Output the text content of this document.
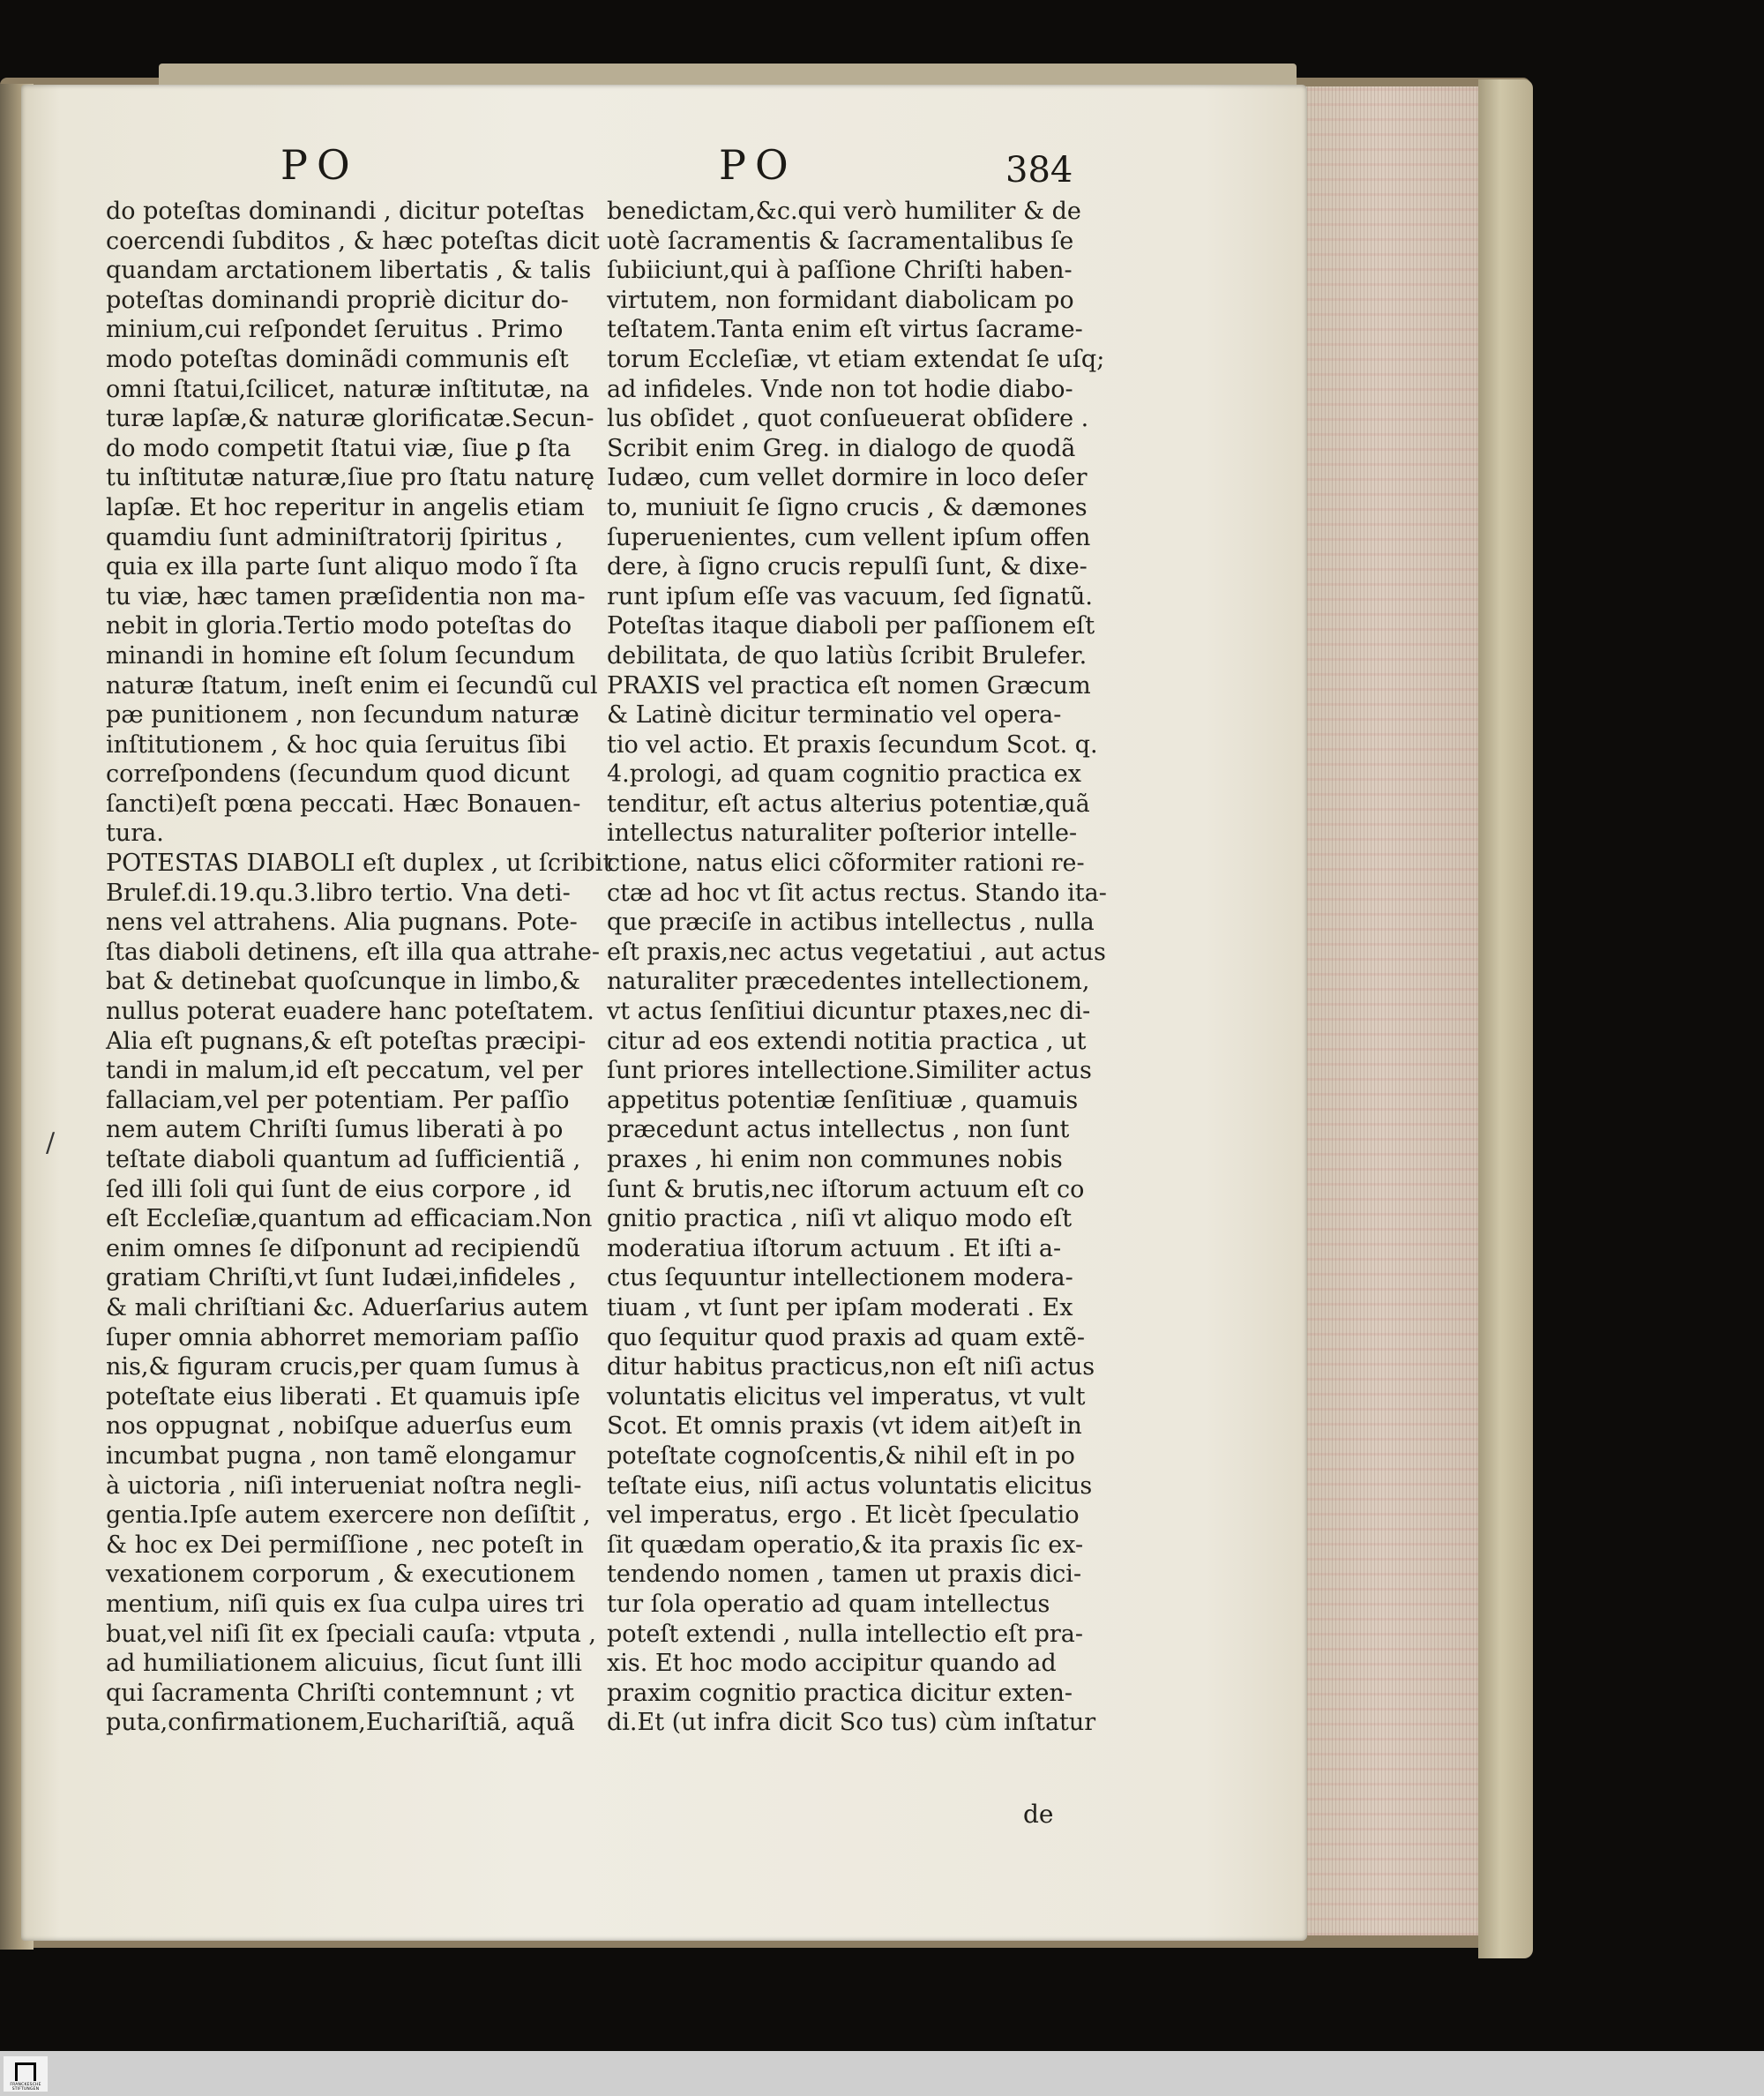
PO	PO	384
do poteſtas dominandi , dicitur poteſtas
coercendi ſubditos , & hæc poteſtas dicit
quandam arctationem libertatis , & talis
poteſtas dominandi propriè dicitur do-
minium,cui reſpondet ſeruitus . Primo
modo poteſtas dominãdi communis eſt
omni ſtatui,ſcilicet, naturæ inſtitutæ, na
turæ lapſæ,& naturæ glorificatæ.Secun-
do modo competit ſtatui viæ, ſiue ꝑ ſta
tu inſtitutæ naturæ,ſiue pro ſtatu naturę
lapſæ. Et hoc reperitur in angelis etiam
quamdiu ſunt adminiſtratorij ſpiritus ,
quia ex illa parte ſunt aliquo modo ĩ ſta
tu viæ, hæc tamen præſidentia non ma-
nebit in gloria.Tertio modo poteſtas do
minandi in homine eſt ſolum ſecundum
naturæ ſtatum, ineſt enim ei ſecundũ cul
pæ punitionem , non ſecundum naturæ
inſtitutionem , & hoc quia ſeruitus ſibi
correſpondens (ſecundum quod dicunt
ſancti)eſt pœna peccati. Hæc Bonauen-
tura.
POTESTAS DIABOLI eſt duplex , ut ſcribit
Brulef.di.19.qu.3.libro tertio. Vna deti-
nens vel attrahens. Alia pugnans. Pote-
ſtas diaboli detinens, eſt illa qua attrahe-
bat & detinebat quoſcunque in limbo,&
nullus poterat euadere hanc poteſtatem.
Alia eſt pugnans,& eſt poteſtas præcipi-
tandi in malum,id eſt peccatum, vel per
fallaciam,vel per potentiam. Per paſſio
nem autem Chriſti ſumus liberati à po
teſtate diaboli quantum ad ſufficientiã ,
ſed illi ſoli qui ſunt de eius corpore , id
eſt Eccleſiæ,quantum ad efficaciam.Non
enim omnes ſe diſponunt ad recipiendũ
gratiam Chriſti,vt ſunt Iudæi,infideles ,
& mali chriſtiani &c. Aduerſarius autem
ſuper omnia abhorret memoriam paſſio
nis,& figuram crucis,per quam ſumus à
poteſtate eius liberati . Et quamuis ipſe
nos oppugnat , nobiſque aduerſus eum
incumbat pugna , non tamẽ elongamur
à uictoria , niſi interueniat noſtra negli-
gentia.Ipſe autem exercere non deſiſtit ,
& hoc ex Dei permiſſione , nec poteſt in
vexationem corporum , & executionem
mentium, niſi quis ex ſua culpa uires tri
buat,vel niſi ſit ex ſpeciali cauſa: vtputa ,
ad humiliationem alicuius, ſicut ſunt illi
qui ſacramenta Chriſti contemnunt ; vt
puta,confirmationem,Euchariſtiã, aquã
benedictam,&c.qui verò humiliter & de
uotè ſacramentis & ſacramentalibus ſe
ſubiiciunt,qui à paſſione Chriſti haben-
virtutem, non formidant diabolicam po
teſtatem.Tanta enim eſt virtus ſacrame-
torum Eccleſiæ, vt etiam extendat ſe uſq;
ad infideles. Vnde non tot hodie diabo-
lus obſidet , quot conſueuerat obſidere .
Scribit enim Greg. in dialogo de quodã
Iudæo, cum vellet dormire in loco deſer
to, muniuit ſe ſigno crucis , & dæmones
ſuperuenientes, cum vellent ipſum offen
dere, à ſigno crucis repulſi ſunt, & dixe-
runt ipſum eſſe vas vacuum, ſed ſignatũ.
Poteſtas itaque diaboli per paſſionem eſt
debilitata, de quo latiùs ſcribit Brulefer.
PRAXIS vel practica eſt nomen Græcum
& Latinè dicitur terminatio vel opera-
tio vel actio. Et praxis ſecundum Scot. q.
4.prologi, ad quam cognitio practica ex
tenditur, eſt actus alterius potentiæ,quã
intellectus naturaliter poſterior intelle-
ctione, natus elici cõformiter rationi re-
ctæ ad hoc vt ſit actus rectus. Stando ita-
que præciſe in actibus intellectus , nulla
eſt praxis,nec actus vegetatiui , aut actus
naturaliter præcedentes intellectionem,
vt actus ſenſitiui dicuntur ptaxes,nec di-
citur ad eos extendi notitia practica , ut
ſunt priores intellectione.Similiter actus
appetitus potentiæ ſenſitiuæ , quamuis
præcedunt actus intellectus , non ſunt
praxes , hi enim non communes nobis
ſunt & brutis,nec iſtorum actuum eſt co
gnitio practica , niſi vt aliquo modo eſt
moderatiua iſtorum actuum . Et iſti a-
ctus ſequuntur intellectionem modera-
tiuam , vt ſunt per ipſam moderati . Ex
quo ſequitur quod praxis ad quam extẽ-
ditur habitus practicus,non eſt niſi actus
voluntatis elicitus vel imperatus, vt vult
Scot. Et omnis praxis (vt idem ait)eſt in
poteſtate cognoſcentis,& nihil eſt in po
teſtate eius, niſi actus voluntatis elicitus
vel imperatus, ergo . Et licèt ſpeculatio
ſit quædam operatio,& ita praxis ſic ex-
tendendo nomen , tamen ut praxis dici-
tur ſola operatio ad quam intellectus
poteſt extendi , nulla intellectio eſt pra-
xis. Et hoc modo accipitur quando ad
praxim cognitio practica dicitur exten-
di.Et (ut infra dicit Sco tus) cùm inſtatur
/
de
FRANCKESCHE
STIFTUNGEN
